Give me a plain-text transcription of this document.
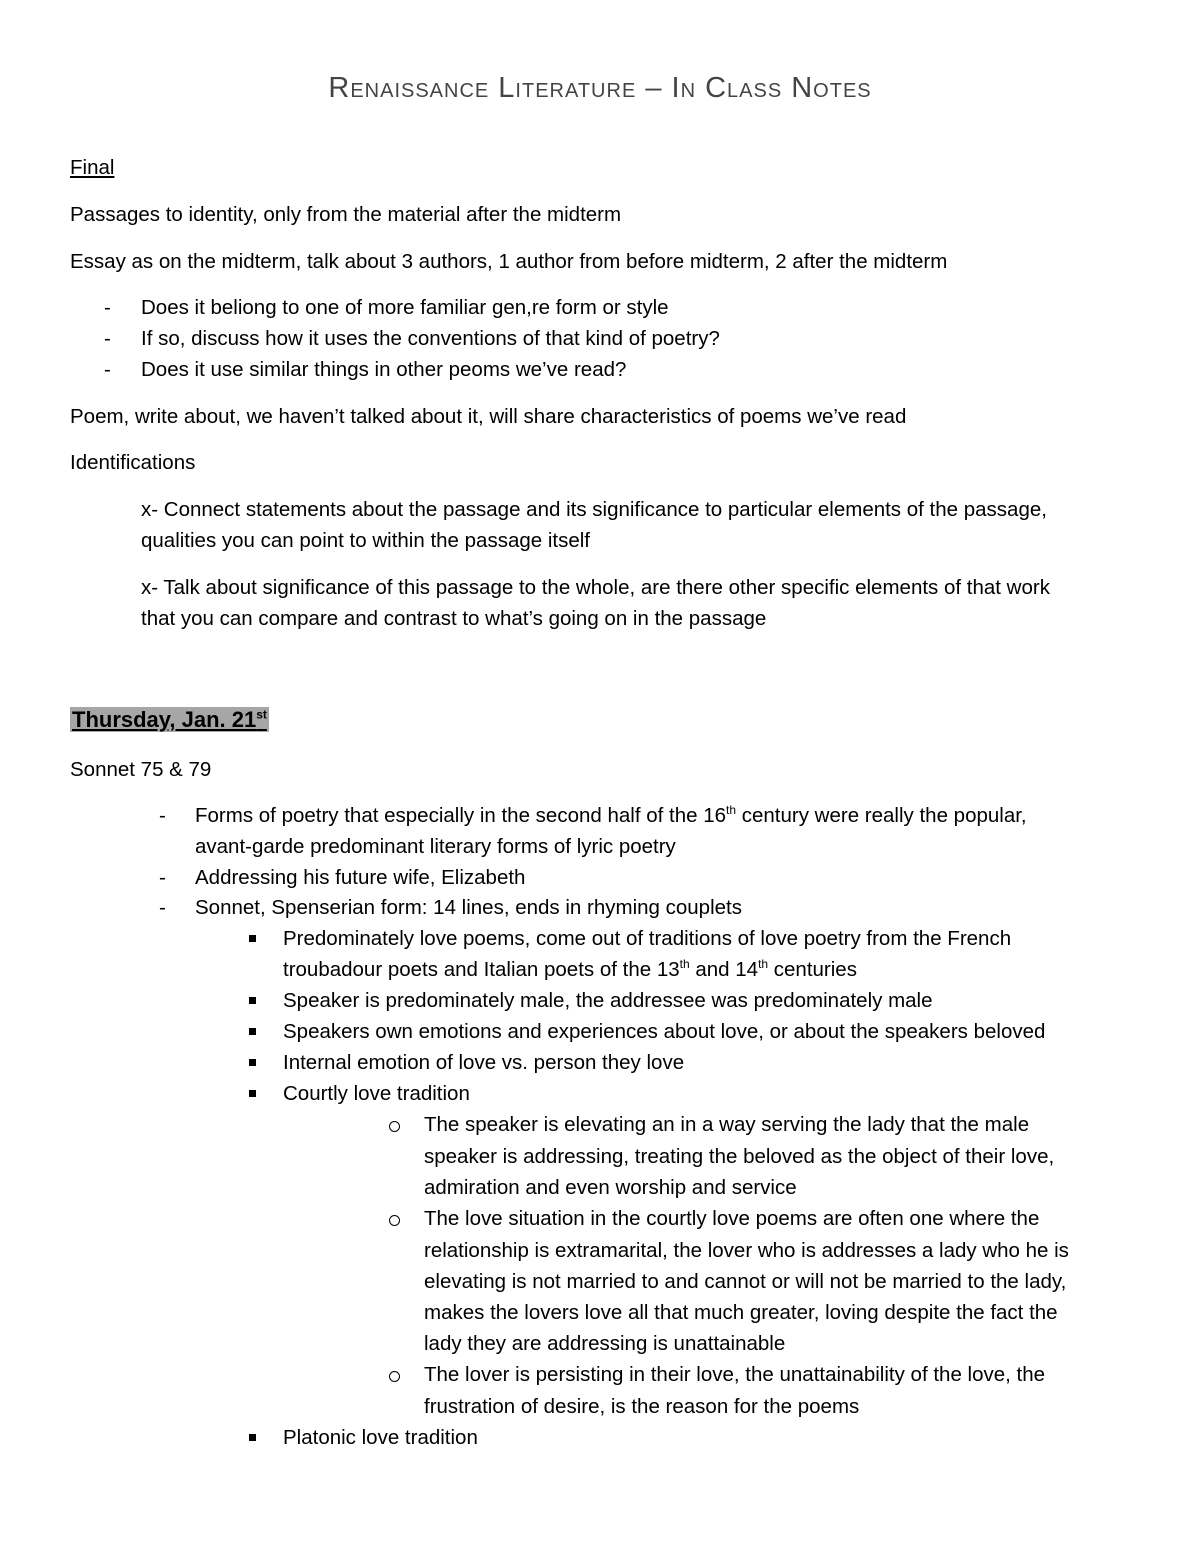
Renaissance Literature – In Class Notes
Final
Passages to identity, only from the material after the midterm
Essay as on the midterm, talk about 3 authors, 1 author from before midterm, 2 after the midterm
- Does it beliong to one of more familiar gen,re form or style
- If so, discuss how it uses the conventions of that kind of poetry?
- Does it use similar things in other peoms we’ve read?
Poem, write about, we haven’t talked about it, will share characteristics of poems we’ve read
Identifications
x- Connect statements about the passage and its significance to particular elements of the passage,
qualities you can point to within the passage itself
x- Talk about significance of this passage to the whole, are there other specific elements of that work
that you can compare and contrast to what’s going on in the passage
Thursday, Jan. 21st
Sonnet 75 & 79
- Forms of poetry that especially in the second half of the 16th century were really the popular,
avant-garde predominant literary forms of lyric poetry
- Addressing his future wife, Elizabeth
- Sonnet, Spenserian form: 14 lines, ends in rhyming couplets
Predominately love poems, come out of traditions of love poetry from the French
troubadour poets and Italian poets of the 13th and 14th centuries
Speaker is predominately male, the addressee was predominately male
Speakers own emotions and experiences about love, or about the speakers beloved
Internal emotion of love vs. person they love
Courtly love tradition
The speaker is elevating an in a way serving the lady that the male
speaker is addressing, treating the beloved as the object of their love,
admiration and even worship and service
The love situation in the courtly love poems are often one where the
relationship is extramarital, the lover who is addresses a lady who he is
elevating is not married to and cannot or will not be married to the lady,
makes the lovers love all that much greater, loving despite the fact the
lady they are addressing is unattainable
The lover is persisting in their love, the unattainability of the love, the
frustration of desire, is the reason for the poems
Platonic love tradition
